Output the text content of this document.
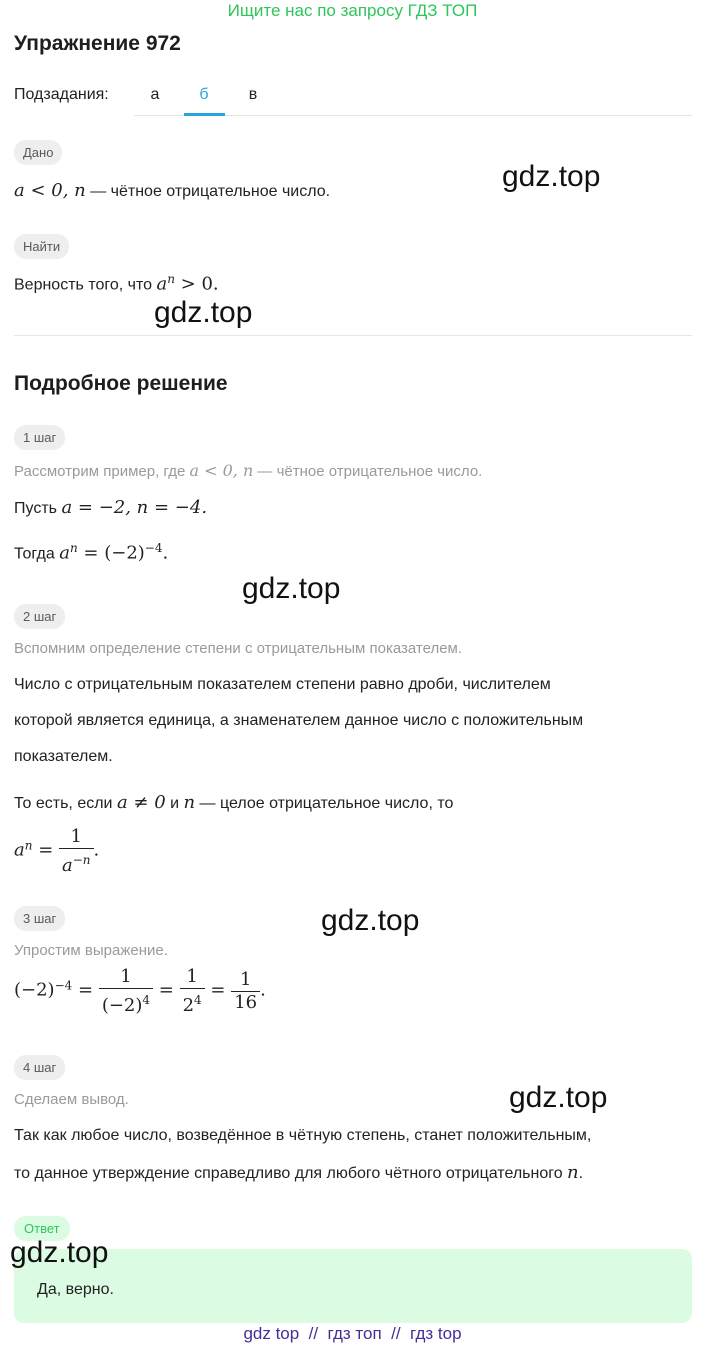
Ищите нас по запросу ГДЗ ТОП
Упражнение 972
Подзадания:	а	б	в
Дано
a < 0, n — чётное отрицательное число.
Найти
Верность того, что $a^n > 0$.
Подробное решение
1 шаг
Рассмотрим пример, где a < 0, n — чётное отрицательное число.
Пусть a = −2, n = −4.
Тогда $a^n = (-2)^{-4}$.
2 шаг
Вспомним определение степени с отрицательным показателем.
Число с отрицательным показателем степени равно дроби, числителем
которой является единица, а знаменателем данное число с положительным
показателем.
То есть, если a ≠ 0 и n — целое отрицательное число, то
$a^n = \frac{1}{a^{-n}}$ .
3 шаг
Упростим выражение.
$(-2)^{-4} = \frac{1}{(-2)^4} = \frac{1}{2^4} = \frac{1}{16}$ .
4 шаг
Сделаем вывод.
Так как любое число, возведённое в чётную степень, станет положительным,
то данное утверждение справедливо для любого чётного отрицательного n.
Ответ
Да, верно.
gdz.top
gdz.top
gdz.top
gdz.top
gdz.top
gdz.top
gdz top  //  гдз топ  //  гдз top
